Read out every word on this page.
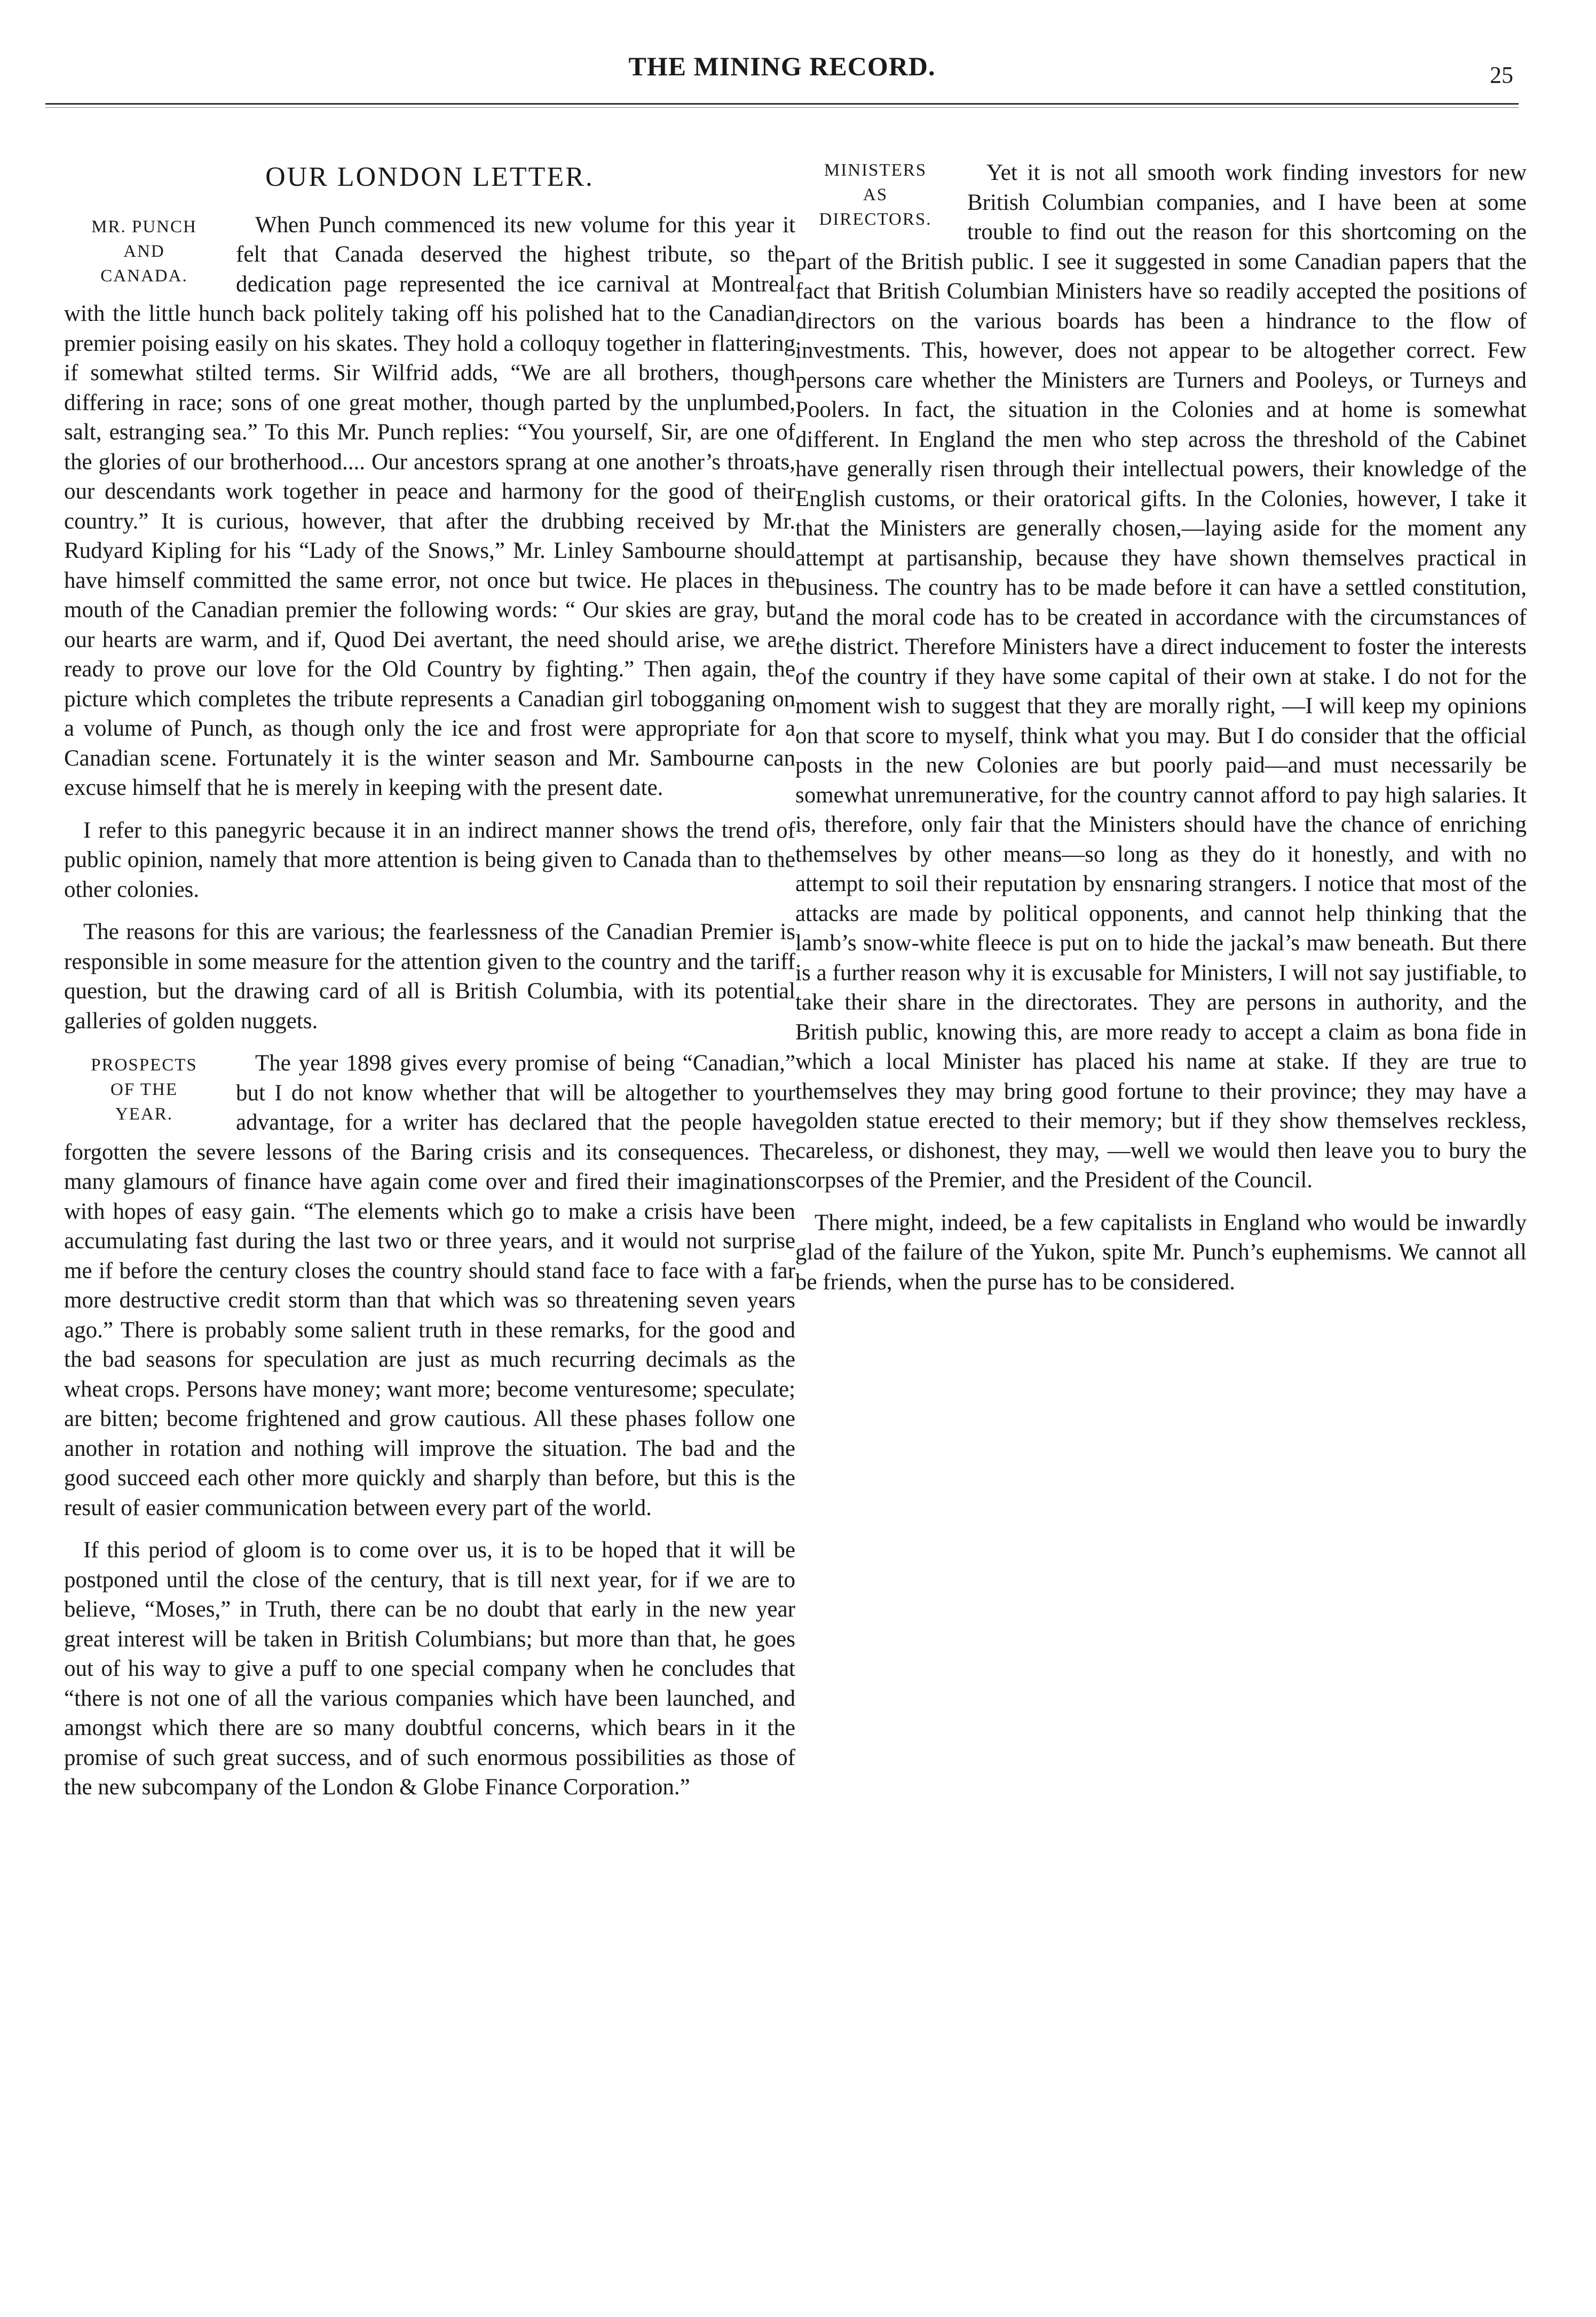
THE MINING RECORD.	25
OUR LONDON LETTER.
MR. PUNCH
AND
CANADA.

When Punch commenced its new volume for this year it felt that Canada deserved the highest tribute, so the dedication page represented the ice carnival at Montreal with the little hunch back politely taking off his polished hat to the Canadian premier poising easily on his skates. They hold a colloquy together in flattering if somewhat stilted terms. Sir Wilfrid adds, “We are all brothers, though differing in race; sons of one great mother, though parted by the unplumbed, salt, estranging sea.” To this Mr. Punch replies: “You yourself, Sir, are one of the glories of our brotherhood.... Our ancestors sprang at one another’s throats, our descendants work together in peace and harmony for the good of their country.” It is curious, however, that after the drubbing received by Mr. Rudyard Kipling for his “Lady of the Snows,” Mr. Linley Sambourne should have himself committed the same error, not once but twice. He places in the mouth of the Canadian premier the following words: “ Our skies are gray, but our hearts are warm, and if, Quod Dei avertant, the need should arise, we are ready to prove our love for the Old Country by fighting.” Then again, the picture which completes the tribute represents a Canadian girl tobogganing on a volume of Punch, as though only the ice and frost were appropriate for a Canadian scene. Fortunately it is the winter season and Mr. Sambourne can excuse himself that he is merely in keeping with the present date.

I refer to this panegyric because it in an indirect manner shows the trend of public opinion, namely that more attention is being given to Canada than to the other colonies.

The reasons for this are various; the fearlessness of the Canadian Premier is responsible in some measure for the attention given to the country and the tariff question, but the drawing card of all is British Columbia, with its potential galleries of golden nuggets.

PROSPECTS
OF THE
YEAR.

The year 1898 gives every promise of being “Canadian,” but I do not know whether that will be altogether to your advantage, for a writer has declared that the people have forgotten the severe lessons of the Baring crisis and its consequences. The many glamours of finance have again come over and fired their imaginations with hopes of easy gain. “The elements which go to make a crisis have been accumulating fast during the last two or three years, and it would not surprise me if before the century closes the country should stand face to face with a far more destructive credit storm than that which was so threatening seven years ago.” There is probably some salient truth in these remarks, for the good and the bad seasons for speculation are just as much recurring decimals as the wheat crops. Persons have money; want more; become venturesome; speculate; are bitten; become frightened and grow cautious. All these phases follow one another in rotation and nothing will improve the situation. The bad and the good succeed each other more quickly and sharply than before, but this is the result of easier communication between every part of the world.

If this period of gloom is to come over us, it is to be hoped that it will be postponed until the close of the century, that is till next year, for if we are to believe, “Moses,” in Truth, there can be no doubt that early in the new year great interest will be taken in British Columbians; but more than that, he goes out of his way to give a puff to one special company when he concludes that “there is not one of all the various companies which have been launched, and amongst which there are so many doubtful concerns, which bears in it the promise of such great success, and of such enormous possibilities as those of the new subcompany of the London & Globe Finance Corporation.”

MINISTERS
AS
DIRECTORS.

Yet it is not all smooth work finding investors for new British Columbian companies, and I have been at some trouble to find out the reason for this shortcoming on the part of the British public. I see it suggested in some Canadian papers that the fact that British Columbian Ministers have so readily accepted the positions of directors on the various boards has been a hindrance to the flow of investments. This, however, does not appear to be altogether correct. Few persons care whether the Ministers are Turners and Pooleys, or Turneys and Poolers. In fact, the situation in the Colonies and at home is somewhat different. In England the men who step across the threshold of the Cabinet have generally risen through their intellectual powers, their knowledge of the English customs, or their oratorical gifts. In the Colonies, however, I take it that the Ministers are generally chosen,—laying aside for the moment any attempt at partisanship, because they have shown themselves practical in business. The country has to be made before it can have a settled constitution, and the moral code has to be created in accordance with the circumstances of the district. Therefore Ministers have a direct inducement to foster the interests of the country if they have some capital of their own at stake. I do not for the moment wish to suggest that they are morally right, —I will keep my opinions on that score to myself, think what you may. But I do consider that the official posts in the new Colonies are but poorly paid—and must necessarily be somewhat unremunerative, for the country cannot afford to pay high salaries. It is, therefore, only fair that the Ministers should have the chance of enriching themselves by other means—so long as they do it honestly, and with no attempt to soil their reputation by ensnaring strangers. I notice that most of the attacks are made by political opponents, and cannot help thinking that the lamb’s snow-white fleece is put on to hide the jackal’s maw beneath. But there is a further reason why it is excusable for Ministers, I will not say justifiable, to take their share in the directorates. They are persons in authority, and the British public, knowing this, are more ready to accept a claim as bona fide in which a local Minister has placed his name at stake. If they are true to themselves they may bring good fortune to their province; they may have a golden statue erected to their memory; but if they show themselves reckless, careless, or dishonest, they may, —well we would then leave you to bury the corpses of the Premier, and the President of the Council.

There might, indeed, be a few capitalists in England who would be inwardly glad of the failure of the Yukon, spite Mr. Punch’s euphemisms. We cannot all be friends, when the purse has to be considered.
